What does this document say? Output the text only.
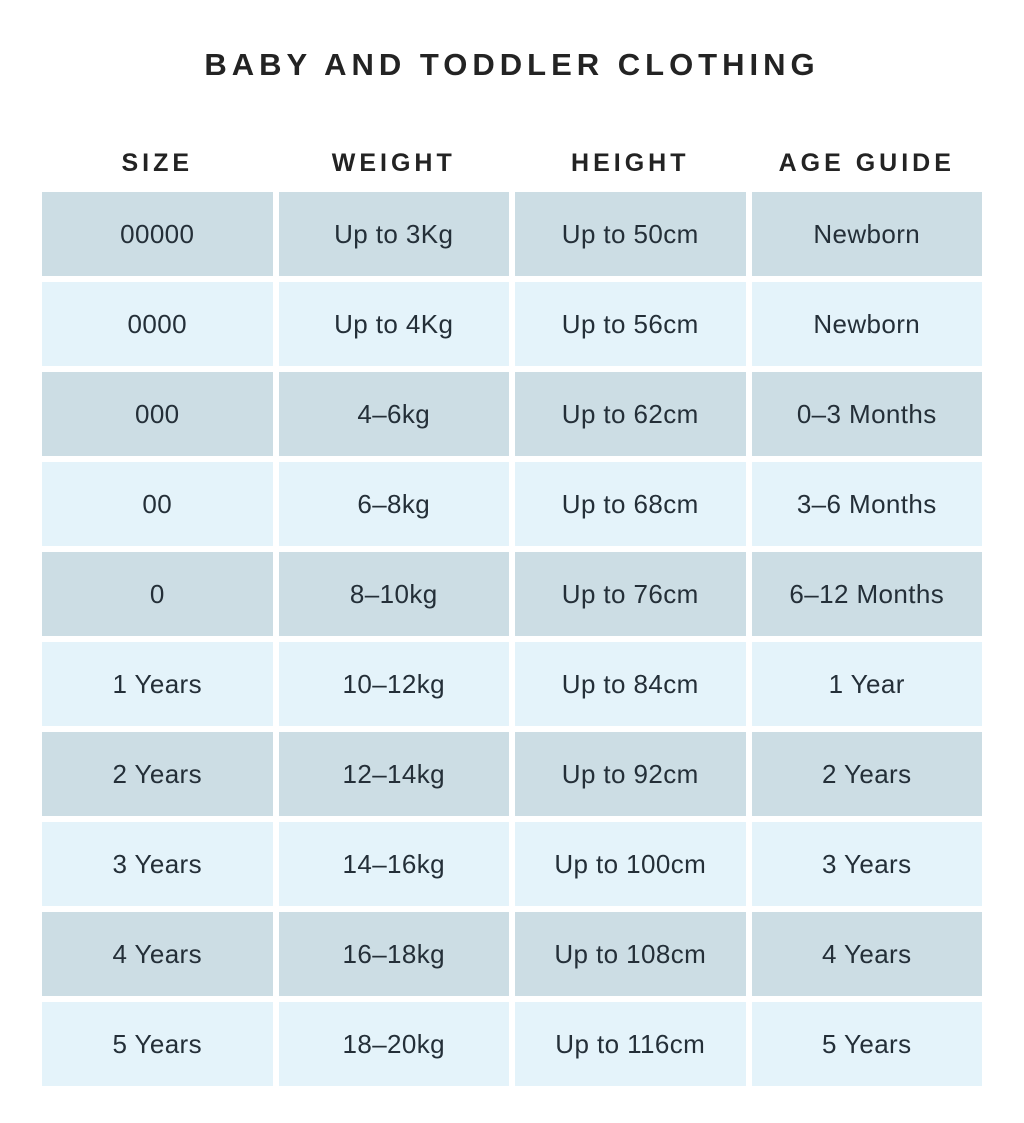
BABY AND TODDLER CLOTHING
SIZE	WEIGHT	HEIGHT	AGE GUIDE
00000	Up to 3Kg	Up to 50cm	Newborn
0000	Up to 4Kg	Up to 56cm	Newborn
000	4–6kg	Up to 62cm	0–3 Months
00	6–8kg	Up to 68cm	3–6 Months
0	8–10kg	Up to 76cm	6–12 Months
1 Years	10–12kg	Up to 84cm	1 Year
2 Years	12–14kg	Up to 92cm	2 Years
3 Years	14–16kg	Up to 100cm	3 Years
4 Years	16–18kg	Up to 108cm	4 Years
5 Years	18–20kg	Up to 116cm	5 Years
